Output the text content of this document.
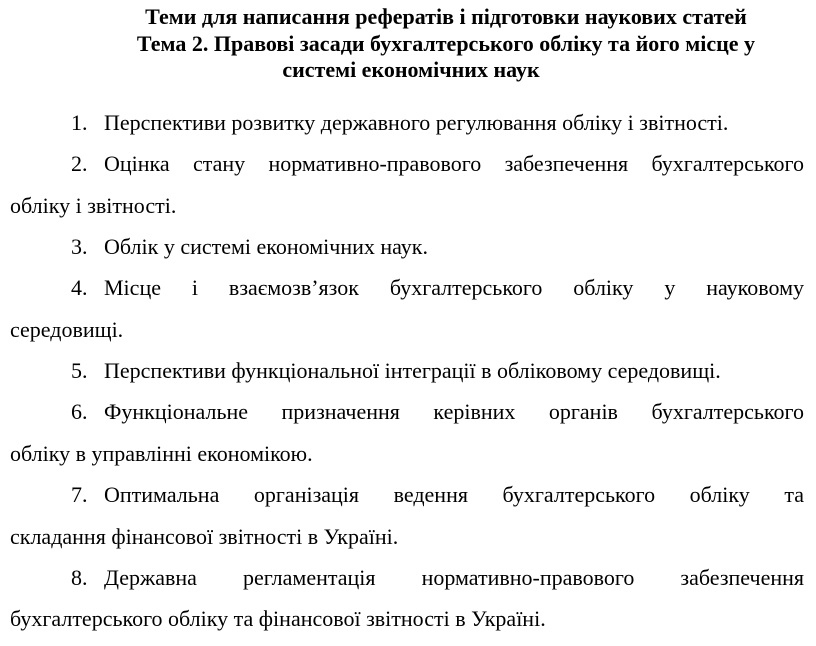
Теми для написання рефератів і підготовки наукових статей
Тема 2. Правові засади бухгалтерського обліку та його місце у
системі економічних наук
1. Перспективи розвитку державного регулювання обліку і звітності.
2. Оцінка стану нормативно-правового забезпечення бухгалтерського
обліку і звітності.
3. Облік у системі економічних наук.
4. Місце і взаємозв’язок бухгалтерського обліку у науковому
середовищі.
5. Перспективи функціональної інтеграції в обліковому середовищі.
6. Функціональне призначення керівних органів бухгалтерського
обліку в управлінні економікою.
7. Оптимальна організація ведення бухгалтерського обліку та
складання фінансової звітності в Україні.
8. Державна регламентація нормативно-правового забезпечення
бухгалтерського обліку та фінансової звітності в Україні.
